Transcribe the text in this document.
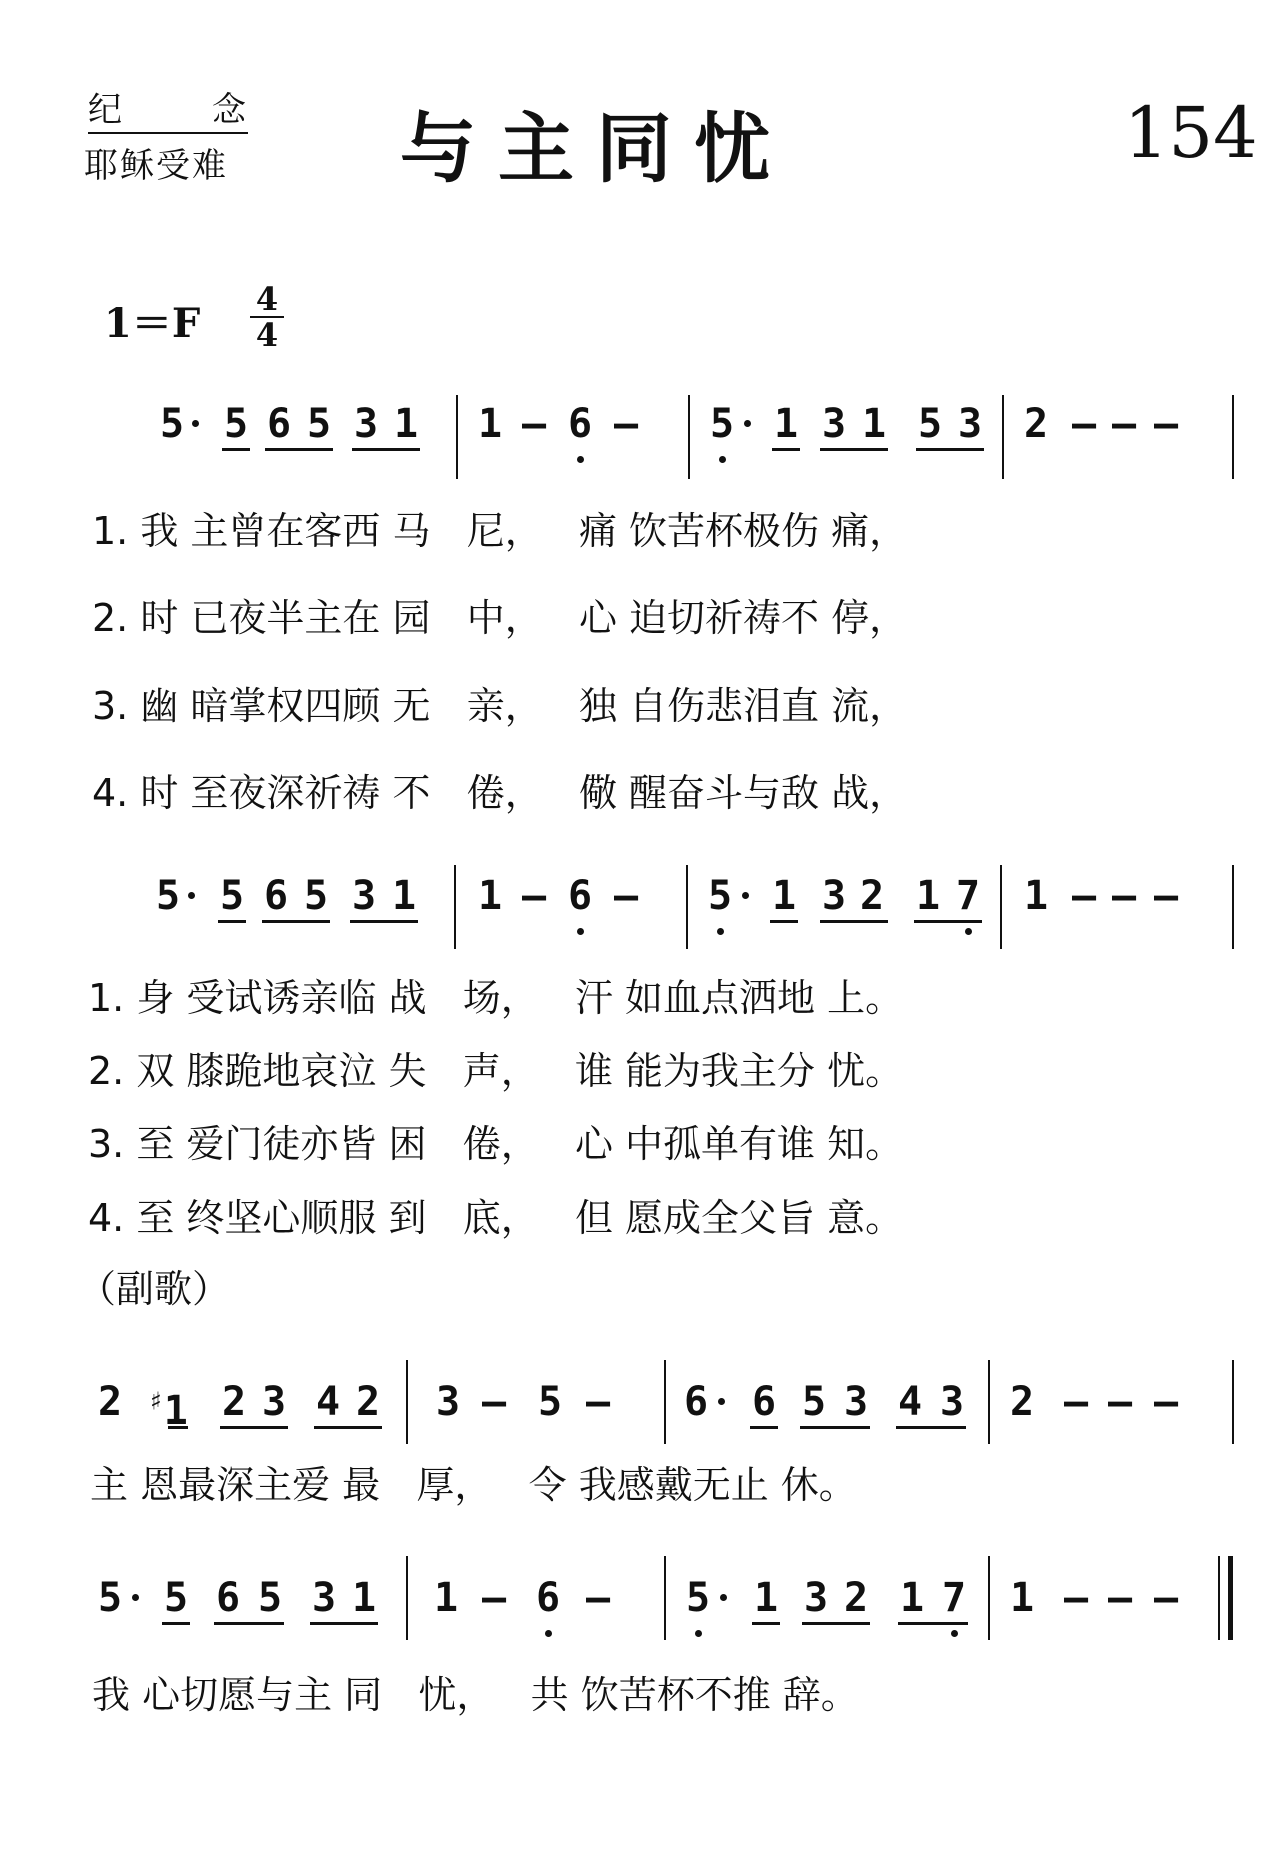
纪念
耶稣受难 与主同忧	154
$1=F \frac{4}{4}$
5 5 6 5 3 1 1 – 6 – 5 1 3 1 5 3 2 – – –
1. 我 主曾在客西 马   尼，   痛 饮苦杯极伤 痛，
2. 时 已夜半主在 园   中，   心 迫切祈祷不 停，
3. 幽 暗掌权四顾 无   亲，   独 自伤悲泪直 流，
4. 时 至夜深祈祷 不   倦，   儆 醒奋斗与敌 战，
5 5 6 5 3 1 1 – 6 – 5 1 3 2 1 7 1 – – –
1. 身 受试诱亲临 战   场，   汗 如血点洒地 上。
2. 双 膝跪地哀泣 失   声，   谁 能为我主分 忧。
3. 至 爱门徒亦皆 困   倦，   心 中孤单有谁 知。
4. 至 终坚心顺服 到   底，   但 愿成全父旨 意。
（副歌）
2 ♯1 2 3 4 2 3 – 5 – 6 6 5 3 4 3 2 – – –
主 恩最深主爱 最   厚，   令 我感戴无止 休。
5 5 6 5 3 1 1 – 6 – 5 1 3 2 1 7 1 – – –
我 心切愿与主 同   忧，   共 饮苦杯不推 辞。
